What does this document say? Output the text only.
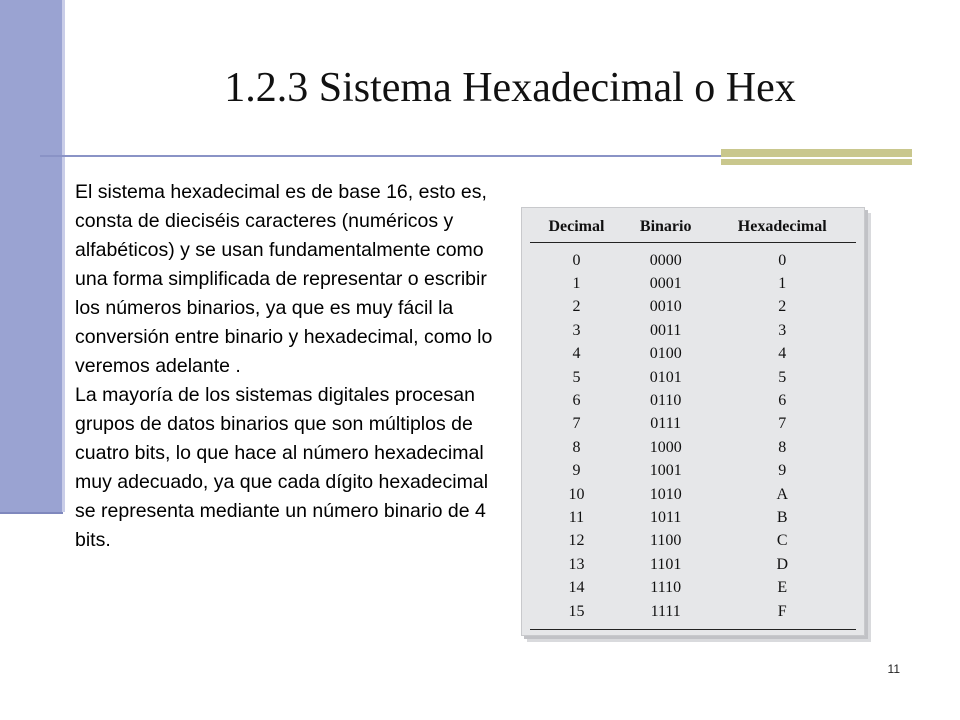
1.2.3 Sistema Hexadecimal o Hex

El sistema hexadecimal es de base 16, esto es, consta de dieciséis caracteres (numéricos y alfabéticos) y se usan fundamentalmente como una forma simplificada de representar o escribir los números binarios, ya que es muy fácil la conversión entre binario y hexadecimal, como lo veremos adelante .

La mayoría de los sistemas digitales procesan grupos de datos binarios que son múltiplos de cuatro bits, lo que hace al número hexadecimal muy adecuado, ya que cada dígito hexadecimal se representa mediante un número binario de 4 bits.

Decimal	Binario	Hexadecimal
0	0000	0
1	0001	1
2	0010	2
3	0011	3
4	0100	4
5	0101	5
6	0110	6
7	0111	7
8	1000	8
9	1001	9
10	1010	A
11	1011	B
12	1100	C
13	1101	D
14	1110	E
15	1111	F
11
